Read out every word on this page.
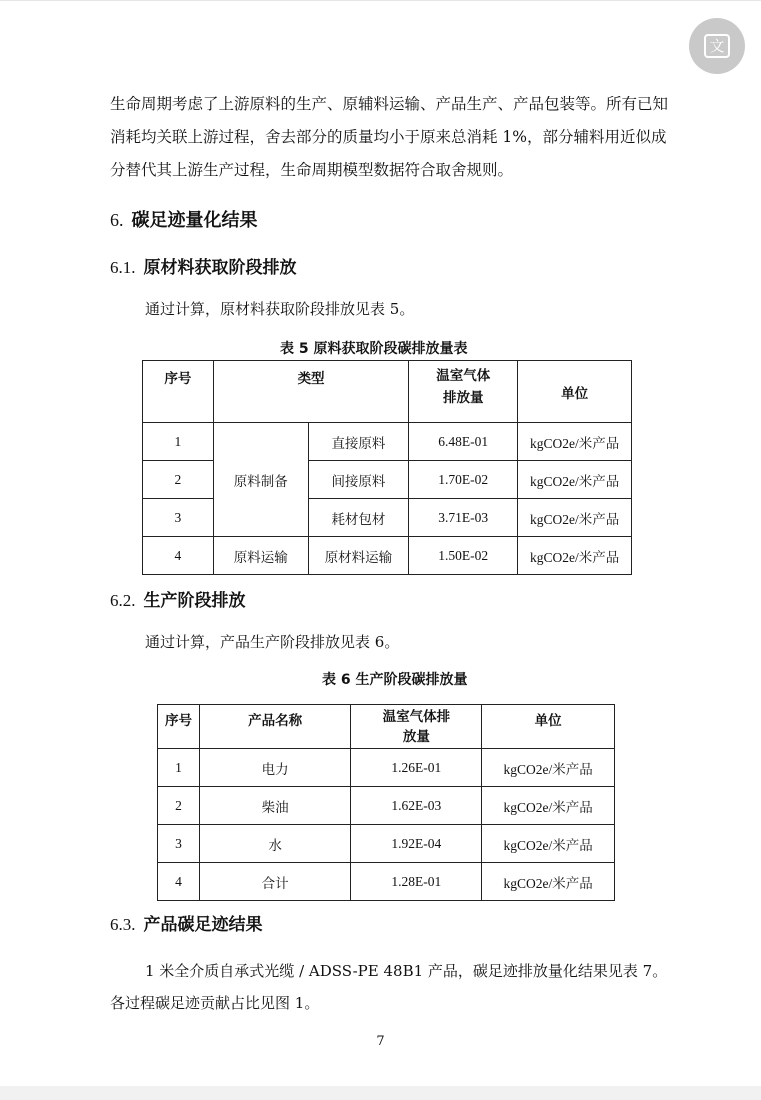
文

生命周期考虑了上游原料的生产、原辅料运输、产品生产、产品包装等。所有已知消耗均关联上游过程，舍去部分的质量均小于原来总消耗 1%，部分辅料用近似成分替代其上游生产过程，生命周期模型数据符合取舍规则。

6. 碳足迹量化结果
6.1. 原材料获取阶段排放

通过计算，原材料获取阶段排放见表 5。

表 5 原料获取阶段碳排放量表

序号	类型		温室气体排放量	单位
1	原料制备	直接原料	6.48E-01	kgCO2e/米产品
2		间接原料	1.70E-02	kgCO2e/米产品
3		耗材包材	3.71E-03	kgCO2e/米产品
4	原料运输	原材料运输	1.50E-02	kgCO2e/米产品
6.2. 生产阶段排放

通过计算，产品生产阶段排放见表 6。

表 6 生产阶段碳排放量

序号	产品名称	温室气体排放量	单位
1	电力	1.26E-01	kgCO2e/米产品
2	柴油	1.62E-03	kgCO2e/米产品
3	水	1.92E-04	kgCO2e/米产品
4	合计	1.28E-01	kgCO2e/米产品
6.3. 产品碳足迹结果

1 米全介质自承式光缆 / ADSS-PE 48B1 产品，碳足迹排放量化结果见表 7。

各过程碳足迹贡献占比见图 1。

7
